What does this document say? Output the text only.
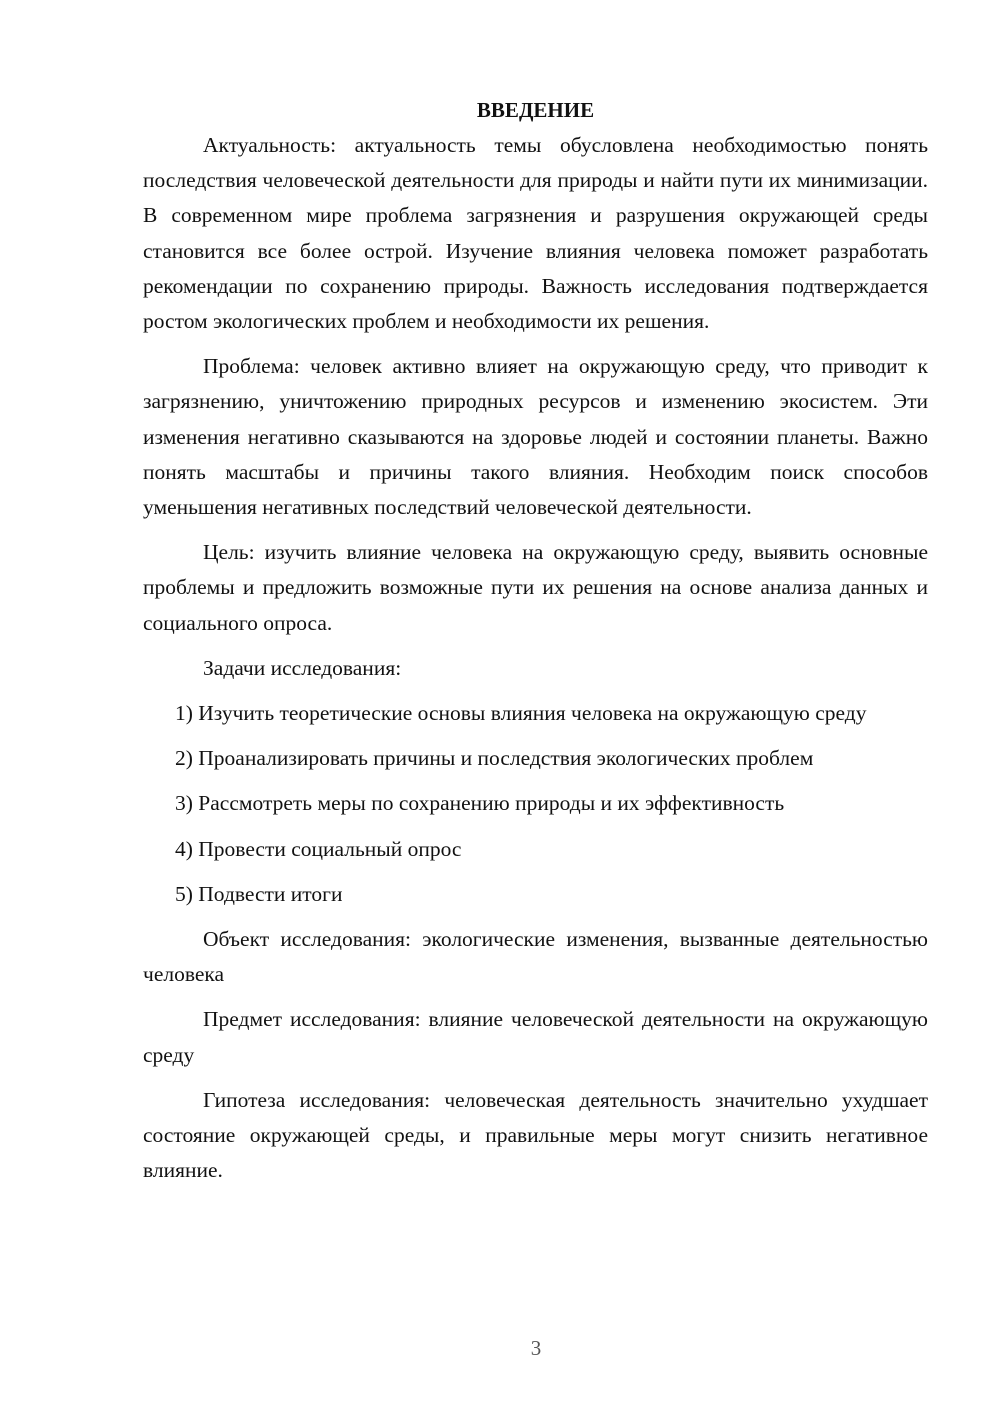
ВВЕДЕНИЕ

Актуальность: актуальность темы обусловлена необходимостью понять последствия человеческой деятельности для природы и найти пути их минимизации. В современном мире проблема загрязнения и разрушения окружающей среды становится все более острой. Изучение влияния человека поможет разработать рекомендации по сохранению природы. Важность исследования подтверждается ростом экологических проблем и необходимости их решения.

Проблема: человек активно влияет на окружающую среду, что приводит к загрязнению, уничтожению природных ресурсов и изменению экосистем. Эти изменения негативно сказываются на здоровье людей и состоянии планеты. Важно понять масштабы и причины такого влияния. Необходим поиск способов уменьшения негативных последствий человеческой деятельности.

Цель: изучить влияние человека на окружающую среду, выявить основные проблемы и предложить возможные пути их решения на основе анализа данных и социального опроса.

Задачи исследования:

1) Изучить теоретические основы влияния человека на окружающую среду

2) Проанализировать причины и последствия экологических проблем

3) Рассмотреть меры по сохранению природы и их эффективность

4) Провести социальный опрос

5) Подвести итоги

Объект исследования: экологические изменения, вызванные деятельностью человека

Предмет исследования: влияние человеческой деятельности на окружающую среду

Гипотеза исследования: человеческая деятельность значительно ухудшает состояние окружающей среды, и правильные меры могут снизить негативное влияние.

3
